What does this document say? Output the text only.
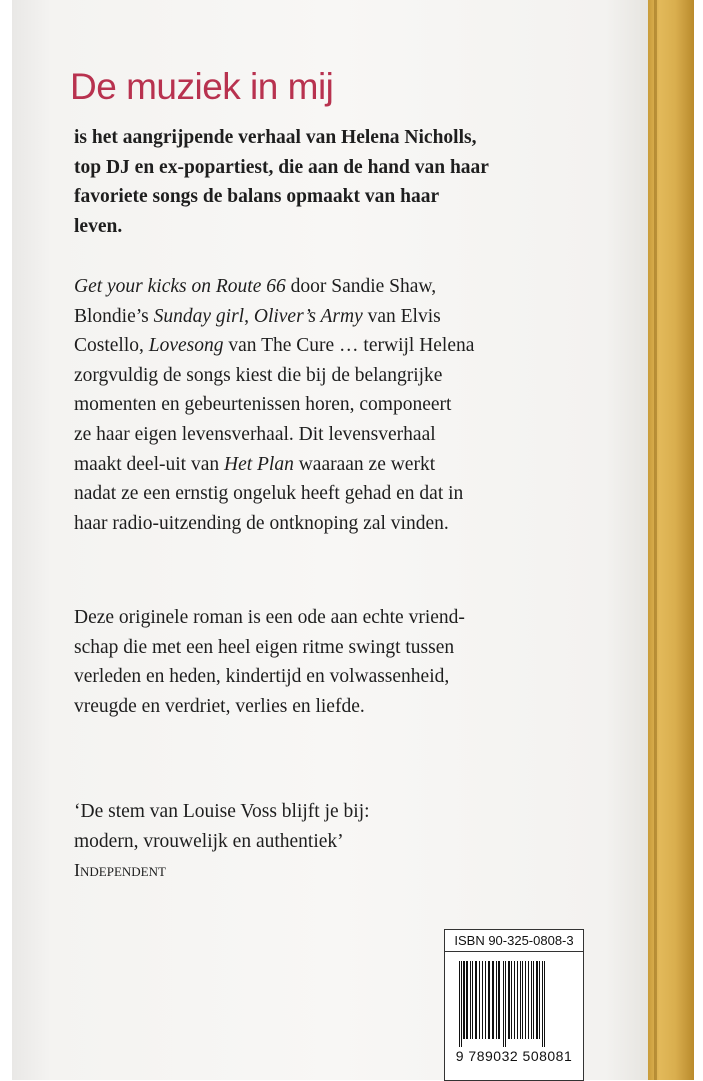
De muziek in mij
is het aangrijpende verhaal van Helena Nicholls,
top DJ en ex-popartiest, die aan de hand van haar
favoriete songs de balans opmaakt van haar
leven.
Get your kicks on Route 66 door Sandie Shaw,
Blondie’s Sunday girl, Oliver’s Army van Elvis
Costello, Lovesong van The Cure … terwijl Helena
zorgvuldig de songs kiest die bij de belangrijke
momenten en gebeurtenissen horen, componeert
ze haar eigen levensverhaal. Dit levensverhaal
maakt deel-uit van Het Plan waaraan ze werkt
nadat ze een ernstig ongeluk heeft gehad en dat in
haar radio-uitzending de ontknoping zal vinden.
Deze originele roman is een ode aan echte vriend-
schap die met een heel eigen ritme swingt tussen
verleden en heden, kindertijd en volwassenheid,
vreugde en verdriet, verlies en liefde.
‘De stem van Louise Voss blijft je bij:
modern, vrouwelijk en authentiek’
Independent
ISBN 90-325-0808-3
9 789032 508081
